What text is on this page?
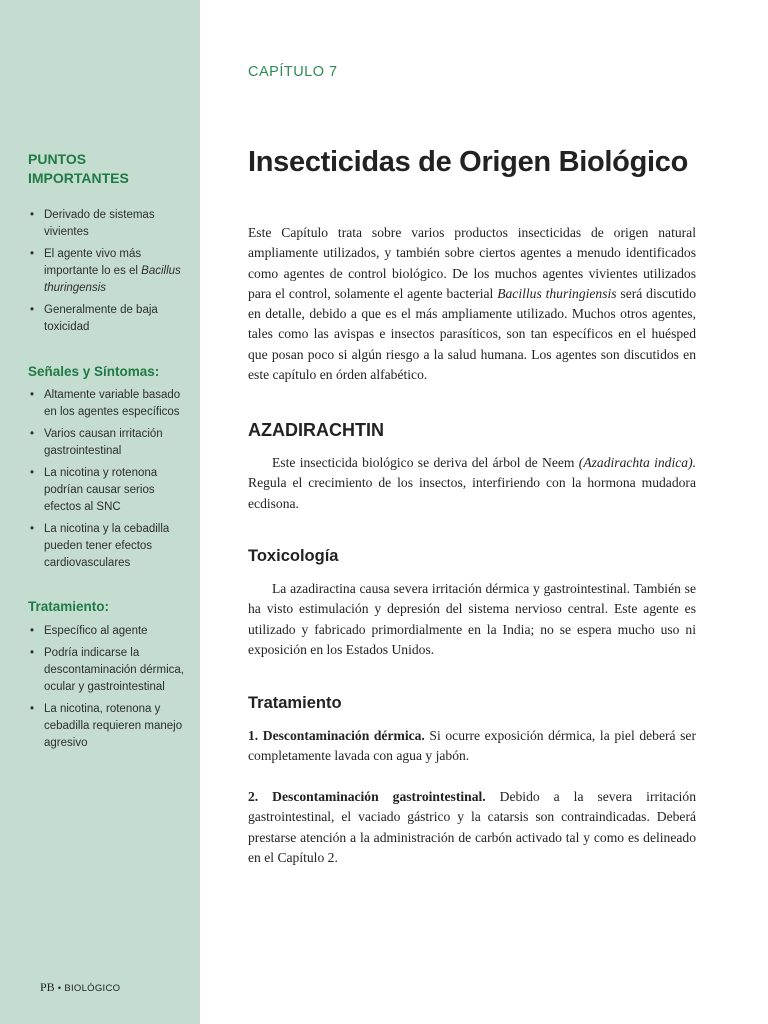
PUNTOS IMPORTANTES
• Derivado de sistemas vivientes
• El agente vivo más importante lo es el Bacillus thuringensis
• Generalmente de baja toxicidad
Señales y Síntomas:
• Altamente variable basado en los agentes específicos
• Varios causan irritación gastrointestinal
• La nicotina y rotenona podrían causar serios efectos al SNC
• La nicotina y la cebadilla pueden tener efectos cardiovasculares
Tratamiento:
• Específico al agente
• Podría indicarse la descontaminación dérmica, ocular y gastrointestinal
• La nicotina, rotenona y cebadilla requieren manejo agresivo
PB • BIOLÓGICO
CAPÍTULO 7
Insecticidas de Origen Biológico

Este Capítulo trata sobre varios productos insecticidas de origen natural ampliamente utilizados, y también sobre ciertos agentes a menudo identificados como agentes de control biológico. De los muchos agentes vivientes utilizados para el control, solamente el agente bacterial Bacillus thuringiensis será discutido en detalle, debido a que es el más ampliamente utilizado. Muchos otros agentes, tales como las avispas e insectos parasíticos, son tan específicos en el huésped que posan poco si algún riesgo a la salud humana. Los agentes son discutidos en este capítulo en órden alfabético.

AZADIRACHTIN

Este insecticida biológico se deriva del árbol de Neem (Azadirachta indica). Regula el crecimiento de los insectos, interfiriendo con la hormona mudadora ecdisona.

Toxicología

La azadiractina causa severa irritación dérmica y gastrointestinal. También se ha visto estimulación y depresión del sistema nervioso central. Este agente es utilizado y fabricado primordialmente en la India; no se espera mucho uso ni exposición en los Estados Unidos.

Tratamiento

1. Descontaminación dérmica. Si ocurre exposición dérmica, la piel deberá ser completamente lavada con agua y jabón.

2. Descontaminación gastrointestinal. Debido a la severa irritación gastrointestinal, el vaciado gástrico y la catarsis son contraindicadas. Deberá prestarse atención a la administración de carbón activado tal y como es delineado en el Capítulo 2.
